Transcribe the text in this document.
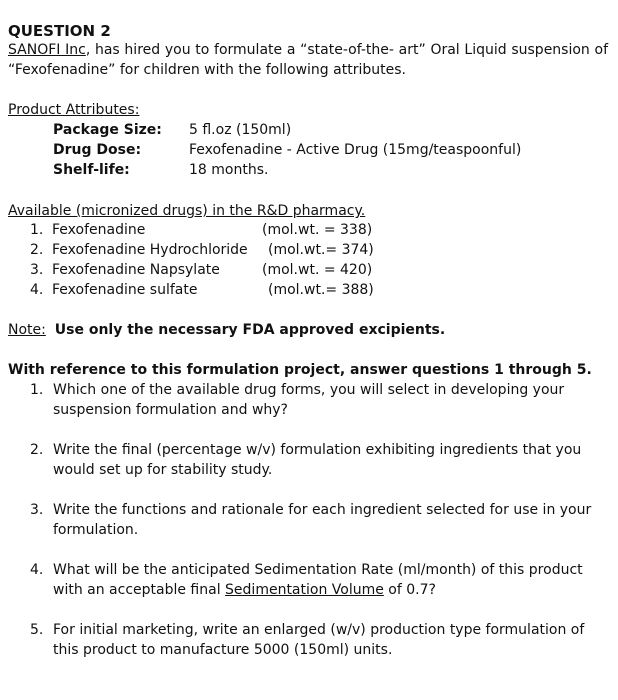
QUESTION 2
SANOFI Inc, has hired you to formulate a “state-of-the- art” Oral Liquid suspension of “Fexofenadine” for children with the following attributes.
Product Attributes:
Package Size: 5 fl.oz (150ml)
Drug Dose:	Fexofenadine - Active Drug (15mg/teaspoonful)
Shelf-life:	18 months.
Available (micronized drugs) in the R&D pharmacy.
1. Fexofenadine	(mol.wt. = 338)
2. Fexofenadine Hydrochloride (mol.wt.= 374)
3. Fexofenadine Napsylate	(mol.wt. = 420)
4. Fexofenadine sulfate	(mol.wt.= 388)
Note: Use only the necessary FDA approved excipients.
With reference to this formulation project, answer questions 1 through 5.
1. Which one of the available drug forms, you will select in developing your suspension formulation and why?
2. Write the final (percentage w/v) formulation exhibiting ingredients that you would set up for stability study.
3. Write the functions and rationale for each ingredient selected for use in your formulation.
4. What will be the anticipated Sedimentation Rate (ml/month) of this product with an acceptable final Sedimentation Volume of 0.7?
5. For initial marketing, write an enlarged (w/v) production type formulation of this product to manufacture 5000 (150ml) units.
